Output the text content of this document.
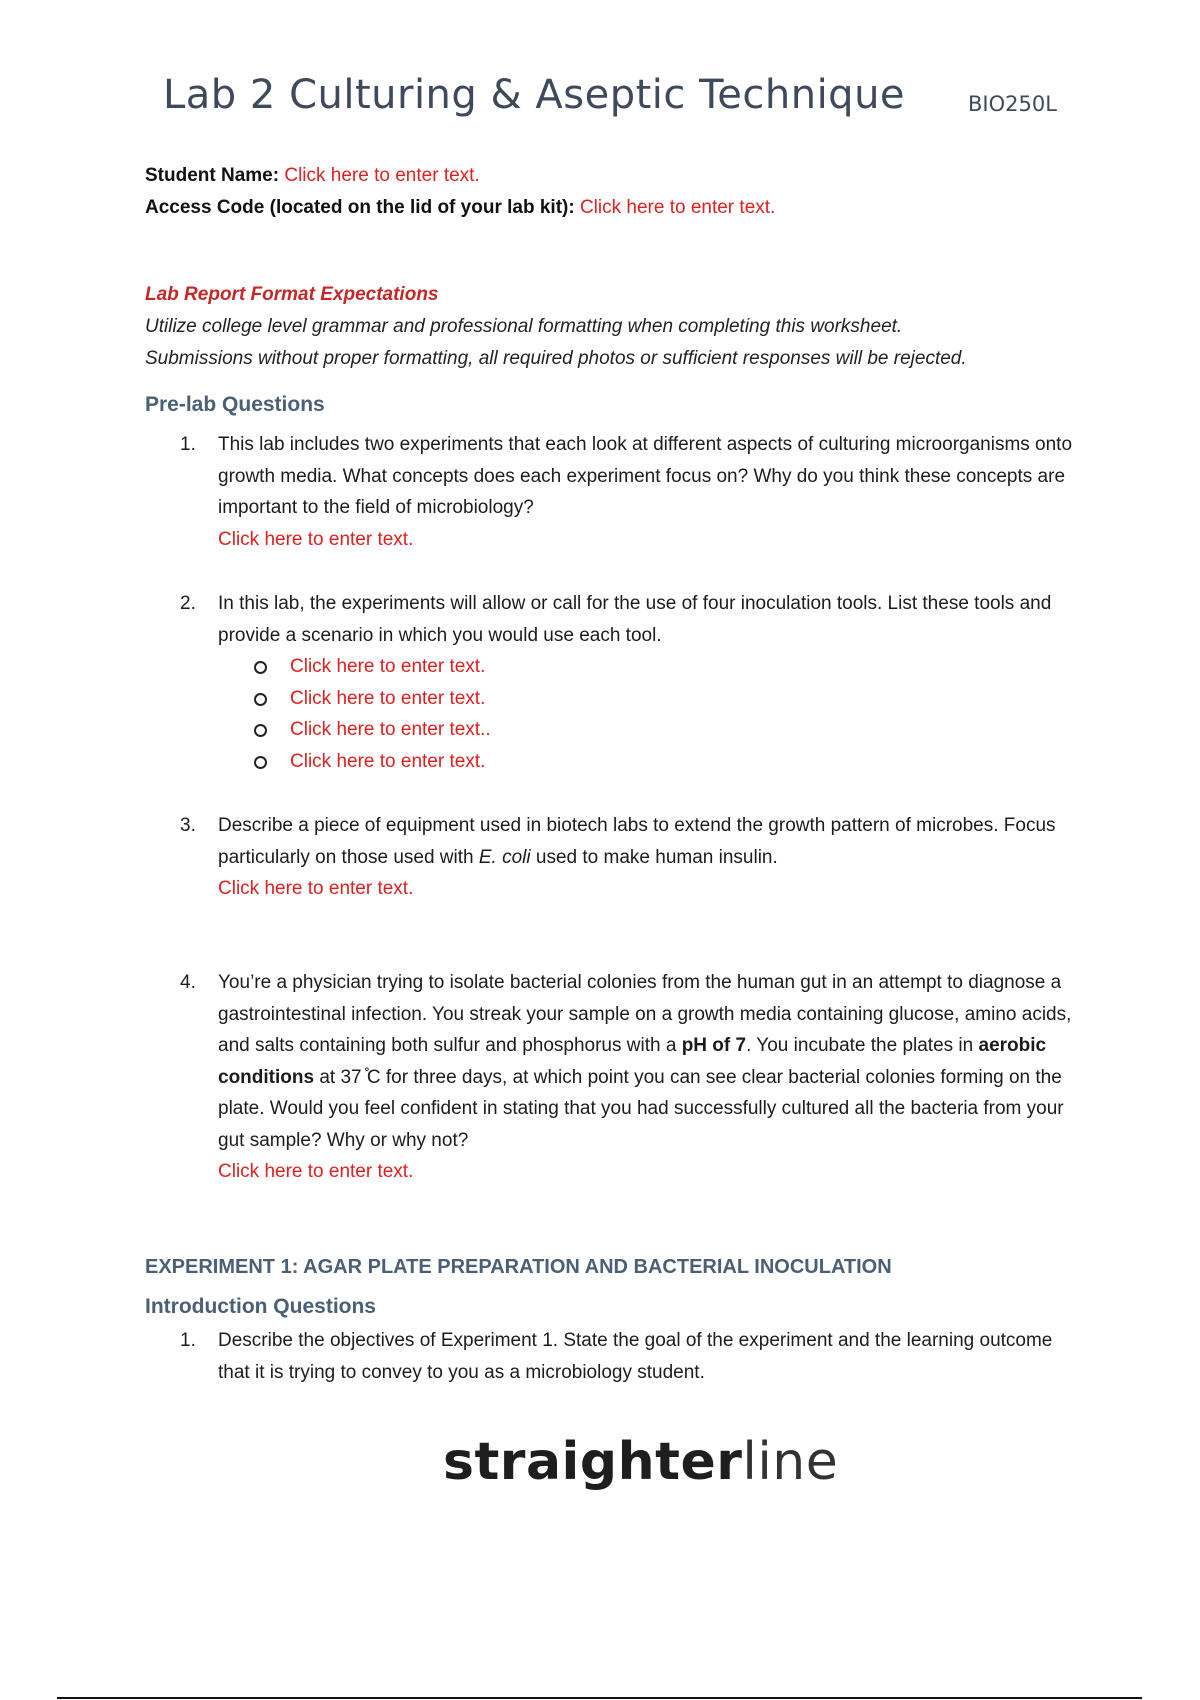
Lab 2 Culturing & Aseptic Technique	BIO250L
Student Name: Click here to enter text.
Access Code (located on the lid of your lab kit): Click here to enter text.
Lab Report Format Expectations
Utilize college level grammar and professional formatting when completing this worksheet.
Submissions without proper formatting, all required photos or sufficient responses will be rejected.
Pre-lab Questions
1.	This lab includes two experiments that each look at different aspects of culturing microorganisms onto growth media. What concepts does each experiment focus on? Why do you think these concepts are important to the field of microbiology?
Click here to enter text.
2.	In this lab, the experiments will allow or call for the use of four inoculation tools. List these tools and provide a scenario in which you would use each tool.
Click here to enter text.
Click here to enter text.
Click here to enter text..
Click here to enter text.
3.	Describe a piece of equipment used in biotech labs to extend the growth pattern of microbes. Focus particularly on those used with E. coli used to make human insulin.
Click here to enter text.
4.	You’re a physician trying to isolate bacterial colonies from the human gut in an attempt to diagnose a gastrointestinal infection. You streak your sample on a growth media containing glucose, amino acids, and salts containing both sulfur and phosphorus with a pH of 7. You incubate the plates in aerobic conditions at 37 ̊C for three days, at which point you can see clear bacterial colonies forming on the plate. Would you feel confident in stating that you had successfully cultured all the bacteria from your gut sample? Why or why not?
Click here to enter text.
EXPERIMENT 1: AGAR PLATE PREPARATION AND BACTERIAL INOCULATION
Introduction Questions
1.	Describe the objectives of Experiment 1. State the goal of the experiment and the learning outcome that it is trying to convey to you as a microbiology student.
straighterline
